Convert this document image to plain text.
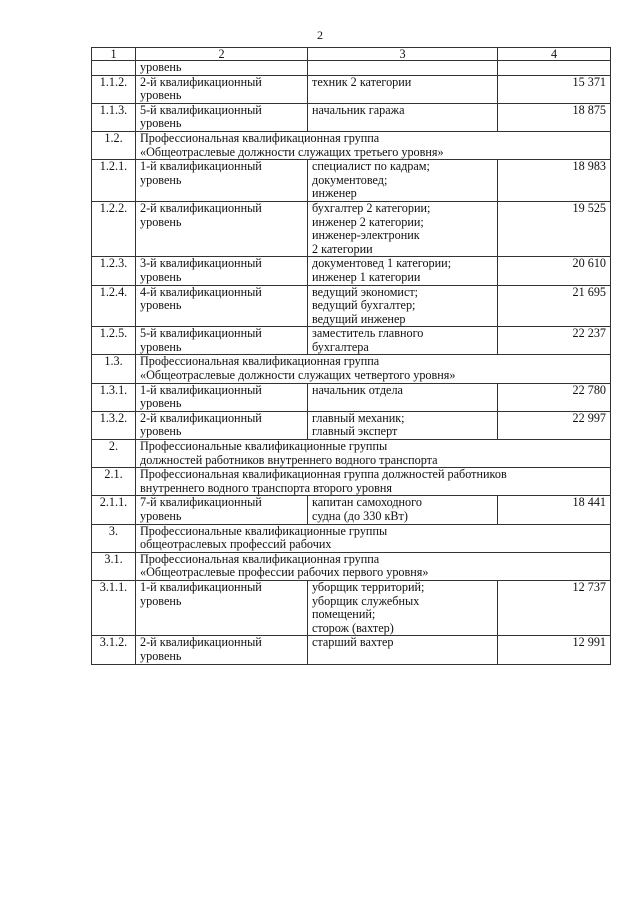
2
1	2	3	4

	уровень		

1.1.2.	2-й квалификационный
уровень	техник 2 категории	15 371
1.1.3.	5-й квалификационный
уровень	начальник гаража	18 875
1.2.	Профессиональная квалификационная группа
«Общеотраслевые должности служащих третьего уровня»		

1.2.1.	1-й квалификационный
уровень	специалист по кадрам;
документовед;
инженер	18 983
1.2.2.	2-й квалификационный
уровень	бухгалтер 2 категории;
инженер 2 категории;
инженер-электроник
2 категории	19 525
1.2.3.	3-й квалификационный
уровень	документовед 1 категории;
инженер 1 категории	20 610
1.2.4.	4-й квалификационный
уровень	ведущий экономист;
ведущий бухгалтер;
ведущий инженер	21 695
1.2.5.	5-й квалификационный
уровень	заместитель главного
бухгалтера	22 237
1.3.	Профессиональная квалификационная группа
«Общеотраслевые должности служащих четвертого уровня»		

1.3.1.	1-й квалификационный
уровень	начальник отдела	22 780
1.3.2.	2-й квалификационный
уровень	главный механик;
главный эксперт	22 997
2.	Профессиональные квалификационные группы
должностей работников внутреннего водного транспорта		

2.1.	Профессиональная квалификационная группа должностей работников
внутреннего водного транспорта второго уровня		

2.1.1.	7-й квалификационный
уровень	капитан самоходного
судна (до 330 кВт)	18 441
3.	Профессиональные квалификационные группы
общеотраслевых профессий рабочих		

3.1.	Профессиональная квалификационная группа
«Общеотраслевые профессии рабочих первого уровня»		

3.1.1.	1-й квалификационный
уровень	уборщик территорий;
уборщик служебных
помещений;
сторож (вахтер)	12 737
3.1.2.	2-й квалификационный
уровень	старший вахтер	12 991
